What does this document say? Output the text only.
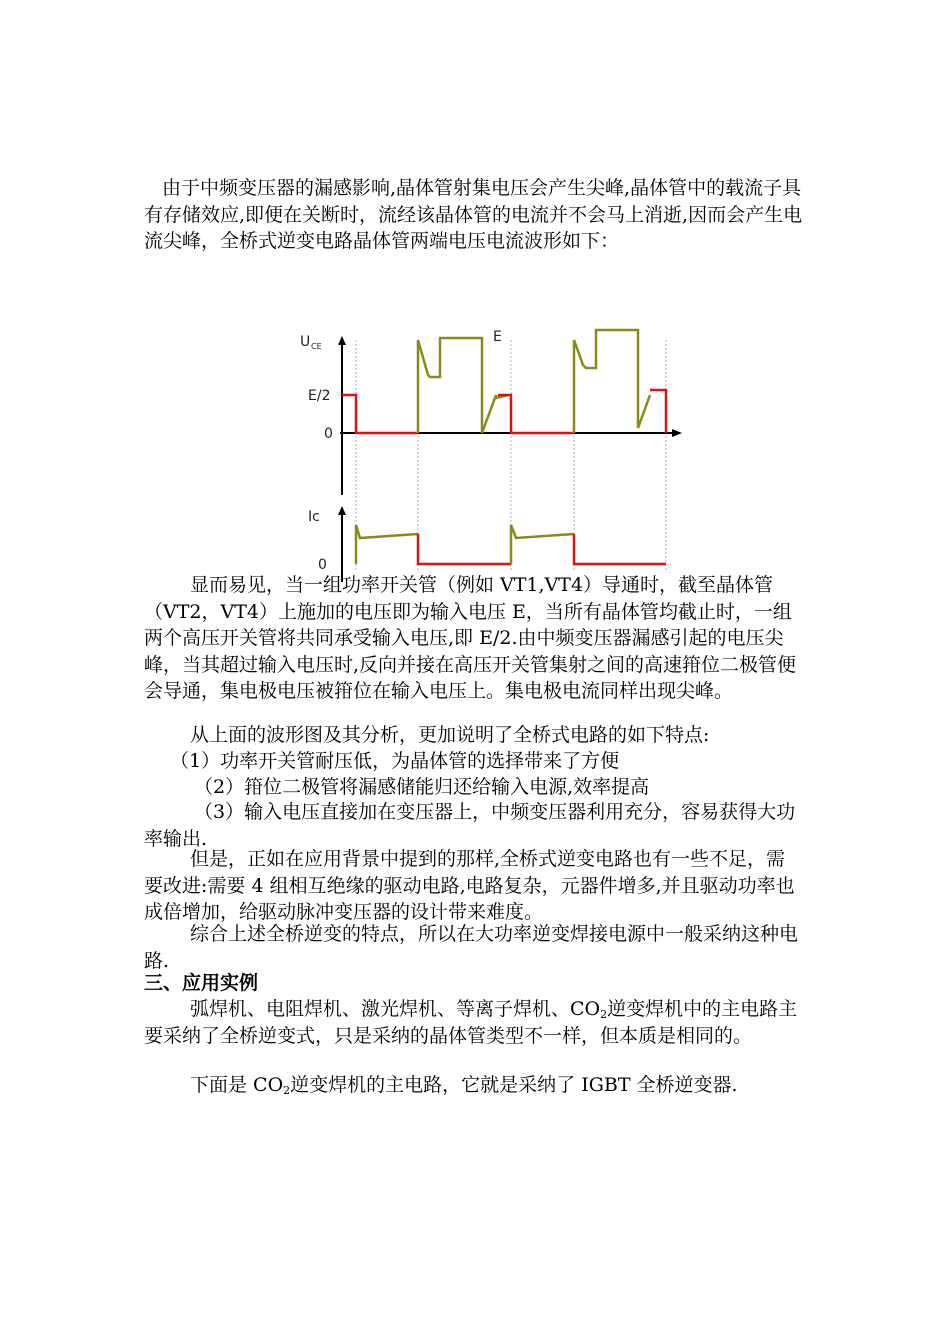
由于中频变压器的漏感影响,晶体管射集电压会产生尖峰,晶体管中的载流子具有存储效应,即便在关断时，流经该晶体管的电流并不会马上消逝,因而会产生电流尖峰，全桥式逆变电路晶体管两端电压电流波形如下：

U CE
E
E/2
0
Ic
0

显而易见，当一组功率开关管（例如 VT1,VT4）导通时，截至晶体管（VT2，VT4）上施加的电压即为输入电压 E，当所有晶体管均截止时，一组两个高压开关管将共同承受输入电压,即 E/2.由中频变压器漏感引起的电压尖峰，当其超过输入电压时,反向并接在高压开关管集射之间的高速箝位二极管便会导通，集电极电压被箝位在输入电压上。集电极电流同样出现尖峰。

从上面的波形图及其分析，更加说明了全桥式电路的如下特点:

（1）功率开关管耐压低，为晶体管的选择带来了方便

（2）箝位二极管将漏感储能归还给输入电源,效率提高

（3）输入电压直接加在变压器上，中频变压器利用充分，容易获得大功率输出.

但是，正如在应用背景中提到的那样,全桥式逆变电路也有一些不足，需要改进:需要 4 组相互绝缘的驱动电路,电路复杂，元器件增多,并且驱动功率也成倍增加，给驱动脉冲变压器的设计带来难度。

综合上述全桥逆变的特点，所以在大功率逆变焊接电源中一般采纳这种电路.

三、应用实例

弧焊机、电阻焊机、激光焊机、等离子焊机、$CO_2$逆变焊机中的主电路主要采纳了全桥逆变式，只是采纳的晶体管类型不一样，但本质是相同的。

下面是 $CO_2$逆变焊机的主电路，它就是采纳了 IGBT 全桥逆变器.
